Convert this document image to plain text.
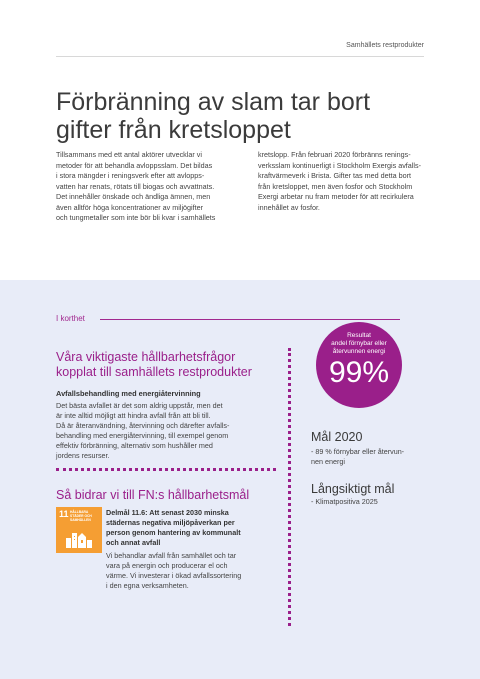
Samhällets restprodukter
Förbränning av slam tar bort
gifter från kretsloppet
Tillsammans med ett antal aktörer utvecklar vi
metoder för att behandla avloppsslam. Det bildas
i stora mängder i reningsverk efter att avlopps-
vatten har renats, rötats till biogas och avvattnats.
Det innehåller önskade och ändliga ämnen, men
även alltför höga koncentrationer av miljögifter
och tungmetaller som inte bör bli kvar i samhällets
kretslopp. Från februari 2020 förbränns renings-
verksslam kontinuerligt i Stockholm Exergis avfalls-
kraftvärmeverk i Brista. Gifter tas med detta bort
från kretsloppet, men även fosfor och Stockholm
Exergi arbetar nu fram metoder för att recirkulera
innehållet av fosfor.
I korthet
Resultat
andel förnybar eller
återvunnen energi
99%
Våra viktigaste hållbarhetsfrågor
kopplat till samhällets restprodukter
Avfallsbehandling med energiåtervinning
Det bästa avfallet är det som aldrig uppstår, men det
är inte alltid möjligt att hindra avfall från att bli till.
Då är återanvändning, återvinning och därefter avfalls-
behandling med energiåtervinning, till exempel genom
effektiv förbränning, alternativ som hushåller med
jordens resurser.
Så bidrar vi till FN:s hållbarhetsmål
11 HÅLLBARA STÄDER OCH SAMHÄLLEN
Delmål 11.6: Att senast 2030 minska
städernas negativa miljöpåverkan per
person genom hantering av kommunalt
och annat avfall
Vi behandlar avfall från samhället och tar
vara på energin och producerar el och
värme. Vi investerar i ökad avfallssortering
i den egna verksamheten.
Mål 2020
- 89 % förnybar eller återvun-
nen energi
Långsiktigt mål
- Klimatpositiva 2025
